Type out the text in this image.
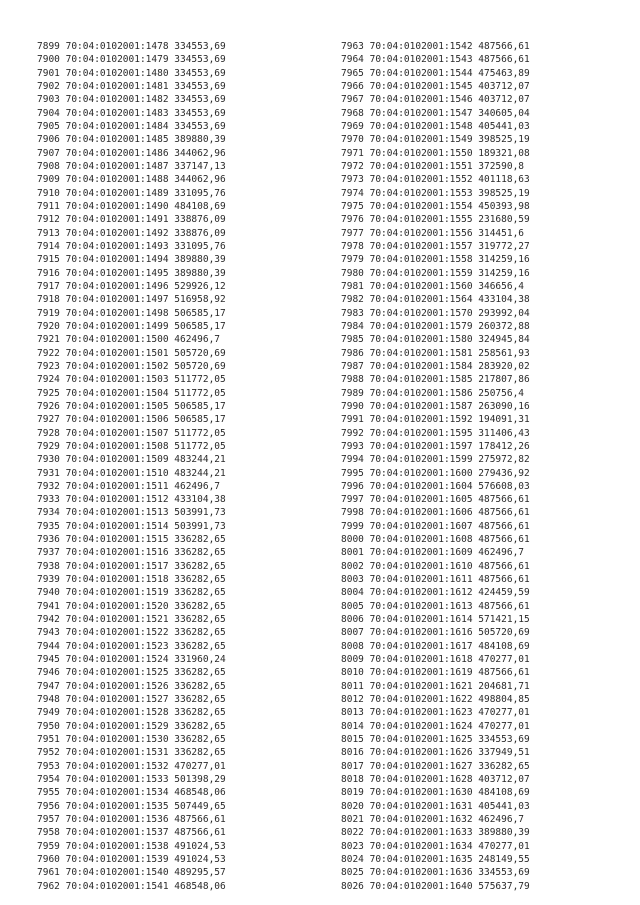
7899 70:04:0102001:1478 334553,69
7900 70:04:0102001:1479 334553,69
7901 70:04:0102001:1480 334553,69
7902 70:04:0102001:1481 334553,69
7903 70:04:0102001:1482 334553,69
7904 70:04:0102001:1483 334553,69
7905 70:04:0102001:1484 334553,69
7906 70:04:0102001:1485 389880,39
7907 70:04:0102001:1486 344062,96
7908 70:04:0102001:1487 337147,13
7909 70:04:0102001:1488 344062,96
7910 70:04:0102001:1489 331095,76
7911 70:04:0102001:1490 484108,69
7912 70:04:0102001:1491 338876,09
7913 70:04:0102001:1492 338876,09
7914 70:04:0102001:1493 331095,76
7915 70:04:0102001:1494 389880,39
7916 70:04:0102001:1495 389880,39
7917 70:04:0102001:1496 529926,12
7918 70:04:0102001:1497 516958,92
7919 70:04:0102001:1498 506585,17
7920 70:04:0102001:1499 506585,17
7921 70:04:0102001:1500 462496,7
7922 70:04:0102001:1501 505720,69
7923 70:04:0102001:1502 505720,69
7924 70:04:0102001:1503 511772,05
7925 70:04:0102001:1504 511772,05
7926 70:04:0102001:1505 506585,17
7927 70:04:0102001:1506 506585,17
7928 70:04:0102001:1507 511772,05
7929 70:04:0102001:1508 511772,05
7930 70:04:0102001:1509 483244,21
7931 70:04:0102001:1510 483244,21
7932 70:04:0102001:1511 462496,7
7933 70:04:0102001:1512 433104,38
7934 70:04:0102001:1513 503991,73
7935 70:04:0102001:1514 503991,73
7936 70:04:0102001:1515 336282,65
7937 70:04:0102001:1516 336282,65
7938 70:04:0102001:1517 336282,65
7939 70:04:0102001:1518 336282,65
7940 70:04:0102001:1519 336282,65
7941 70:04:0102001:1520 336282,65
7942 70:04:0102001:1521 336282,65
7943 70:04:0102001:1522 336282,65
7944 70:04:0102001:1523 336282,65
7945 70:04:0102001:1524 331960,24
7946 70:04:0102001:1525 336282,65
7947 70:04:0102001:1526 336282,65
7948 70:04:0102001:1527 336282,65
7949 70:04:0102001:1528 336282,65
7950 70:04:0102001:1529 336282,65
7951 70:04:0102001:1530 336282,65
7952 70:04:0102001:1531 336282,65
7953 70:04:0102001:1532 470277,01
7954 70:04:0102001:1533 501398,29
7955 70:04:0102001:1534 468548,06
7956 70:04:0102001:1535 507449,65
7957 70:04:0102001:1536 487566,61
7958 70:04:0102001:1537 487566,61
7959 70:04:0102001:1538 491024,53
7960 70:04:0102001:1539 491024,53
7961 70:04:0102001:1540 489295,57
7962 70:04:0102001:1541 468548,06
7963 70:04:0102001:1542 487566,61
7964 70:04:0102001:1543 487566,61
7965 70:04:0102001:1544 475463,89
7966 70:04:0102001:1545 403712,07
7967 70:04:0102001:1546 403712,07
7968 70:04:0102001:1547 340605,04
7969 70:04:0102001:1548 405441,03
7970 70:04:0102001:1549 398525,19
7971 70:04:0102001:1550 189321,08
7972 70:04:0102001:1551 372590,8
7973 70:04:0102001:1552 401118,63
7974 70:04:0102001:1553 398525,19
7975 70:04:0102001:1554 450393,98
7976 70:04:0102001:1555 231680,59
7977 70:04:0102001:1556 314451,6
7978 70:04:0102001:1557 319772,27
7979 70:04:0102001:1558 314259,16
7980 70:04:0102001:1559 314259,16
7981 70:04:0102001:1560 346656,4
7982 70:04:0102001:1564 433104,38
7983 70:04:0102001:1570 293992,04
7984 70:04:0102001:1579 260372,88
7985 70:04:0102001:1580 324945,84
7986 70:04:0102001:1581 258561,93
7987 70:04:0102001:1584 283920,02
7988 70:04:0102001:1585 217807,86
7989 70:04:0102001:1586 250756,4
7990 70:04:0102001:1587 263090,16
7991 70:04:0102001:1592 194091,31
7992 70:04:0102001:1595 311406,43
7993 70:04:0102001:1597 178412,26
7994 70:04:0102001:1599 275972,82
7995 70:04:0102001:1600 279436,92
7996 70:04:0102001:1604 576608,03
7997 70:04:0102001:1605 487566,61
7998 70:04:0102001:1606 487566,61
7999 70:04:0102001:1607 487566,61
8000 70:04:0102001:1608 487566,61
8001 70:04:0102001:1609 462496,7
8002 70:04:0102001:1610 487566,61
8003 70:04:0102001:1611 487566,61
8004 70:04:0102001:1612 424459,59
8005 70:04:0102001:1613 487566,61
8006 70:04:0102001:1614 571421,15
8007 70:04:0102001:1616 505720,69
8008 70:04:0102001:1617 484108,69
8009 70:04:0102001:1618 470277,01
8010 70:04:0102001:1619 487566,61
8011 70:04:0102001:1621 204681,71
8012 70:04:0102001:1622 498804,85
8013 70:04:0102001:1623 470277,01
8014 70:04:0102001:1624 470277,01
8015 70:04:0102001:1625 334553,69
8016 70:04:0102001:1626 337949,51
8017 70:04:0102001:1627 336282,65
8018 70:04:0102001:1628 403712,07
8019 70:04:0102001:1630 484108,69
8020 70:04:0102001:1631 405441,03
8021 70:04:0102001:1632 462496,7
8022 70:04:0102001:1633 389880,39
8023 70:04:0102001:1634 470277,01
8024 70:04:0102001:1635 248149,55
8025 70:04:0102001:1636 334553,69
8026 70:04:0102001:1640 575637,79
